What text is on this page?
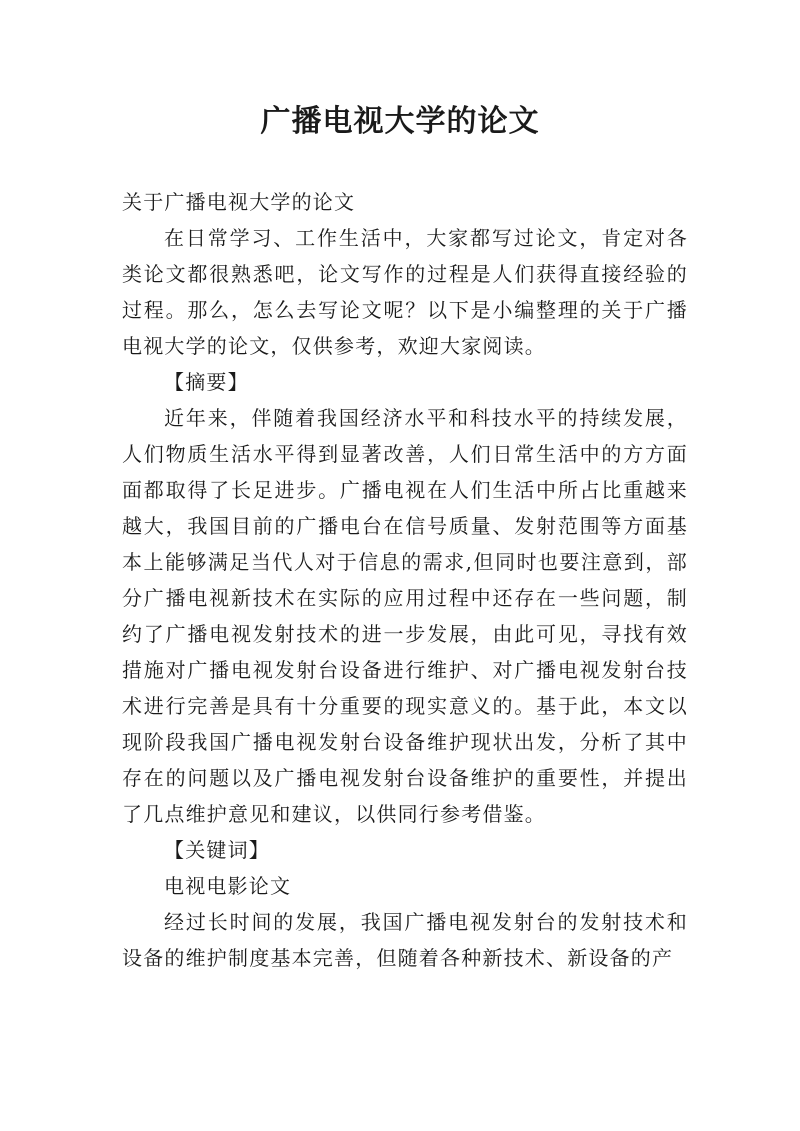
广播电视大学的论文

关于广播电视大学的论文

在日常学习、工作生活中，大家都写过论文，肯定对各类论文都很熟悉吧，论文写作的过程是人们获得直接经验的过程。那么，怎么去写论文呢？以下是小编整理的关于广播电视大学的论文，仅供参考，欢迎大家阅读。

【摘要】

近年来，伴随着我国经济水平和科技水平的持续发展，人们物质生活水平得到显著改善，人们日常生活中的方方面面都取得了长足进步。广播电视在人们生活中所占比重越来越大，我国目前的广播电台在信号质量、发射范围等方面基本上能够满足当代人对于信息的需求,但同时也要注意到，部分广播电视新技术在实际的应用过程中还存在一些问题，制约了广播电视发射技术的进一步发展，由此可见，寻找有效措施对广播电视发射台设备进行维护、对广播电视发射台技术进行完善是具有十分重要的现实意义的。基于此，本文以现阶段我国广播电视发射台设备维护现状出发，分析了其中存在的问题以及广播电视发射台设备维护的重要性，并提出了几点维护意见和建议，以供同行参考借鉴。

【关键词】

电视电影论文

经过长时间的发展，我国广播电视发射台的发射技术和设备的维护制度基本完善，但随着各种新技术、新设备的产
